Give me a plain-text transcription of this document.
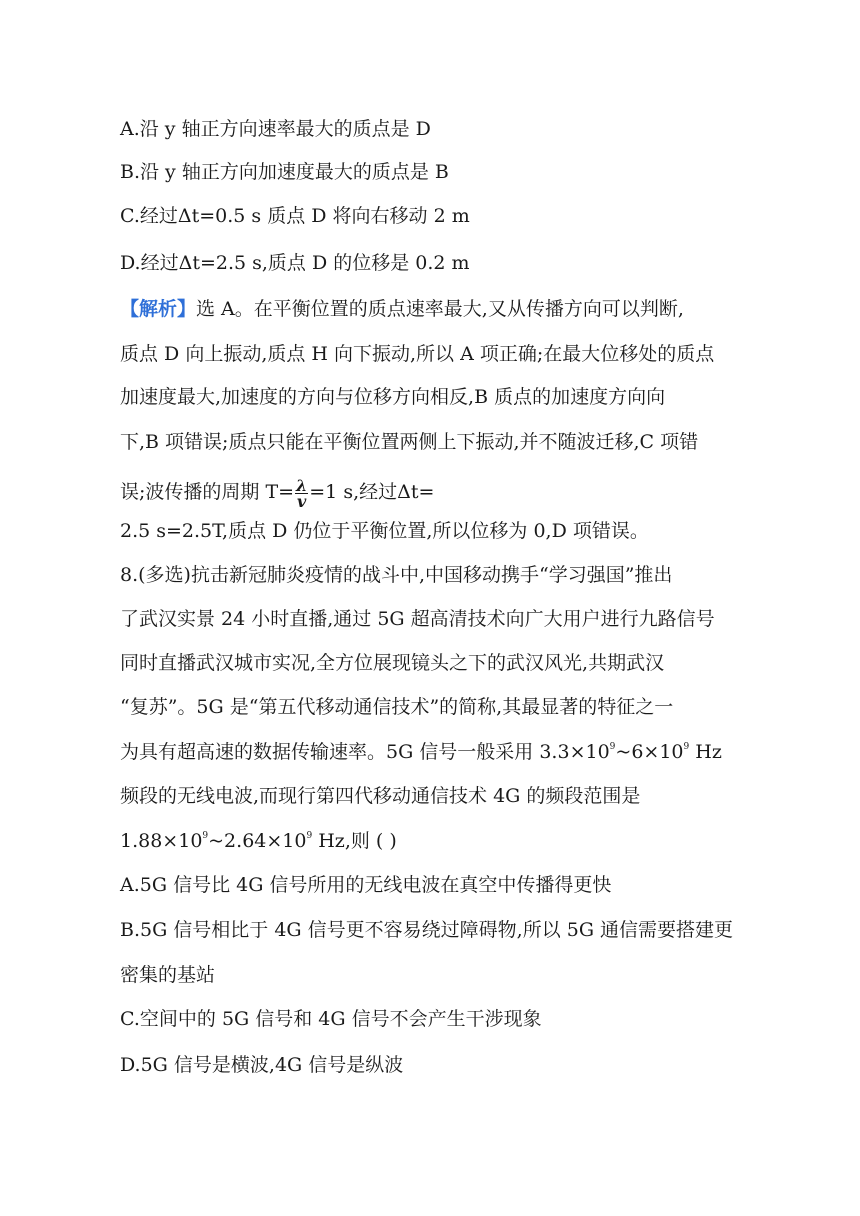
A.沿 y 轴正方向速率最大的质点是 D
B.沿 y 轴正方向加速度最大的质点是 B
C.经过Δt=0.5 s 质点 D 将向右移动 2 m
D.经过Δt=2.5 s,质点 D 的位移是 0.2 m
【解析】选 A。在平衡位置的质点速率最大,又从传播方向可以判断,
质点 D 向上振动,质点 H 向下振动,所以 A 项正确;在最大位移处的质点
加速度最大,加速度的方向与位移方向相反,B 质点的加速度方向向
下,B 项错误;质点只能在平衡位置两侧上下振动,并不随波迁移,C 项错
误;波传播的周期 $T= \frac{\lambda}{v} =1$ s,经过Δt=
2.5 s=2.5T,质点 D 仍位于平衡位置,所以位移为 0,D 项错误。
8.(多选)抗击新冠肺炎疫情的战斗中,中国移动携手“学习强国”推出
了武汉实景 24 小时直播,通过 5G 超高清技术向广大用户进行九路信号
同时直播武汉城市实况,全方位展现镜头之下的武汉风光,共期武汉
“复苏”。5G 是“第五代移动通信技术”的简称,其最显著的特征之一
为具有超高速的数据传输速率。5G 信号一般采用 $3.3\times 10^9\sim 6\times 10^9$ Hz
频段的无线电波,而现行第四代移动通信技术 4G 的频段范围是
$1.88\times 10^9\sim 2.64\times 10^9$ Hz,则 ( )
A.5G 信号比 4G 信号所用的无线电波在真空中传播得更快
B.5G 信号相比于 4G 信号更不容易绕过障碍物,所以 5G 通信需要搭建更
密集的基站
C.空间中的 5G 信号和 4G 信号不会产生干涉现象
D.5G 信号是横波,4G 信号是纵波
